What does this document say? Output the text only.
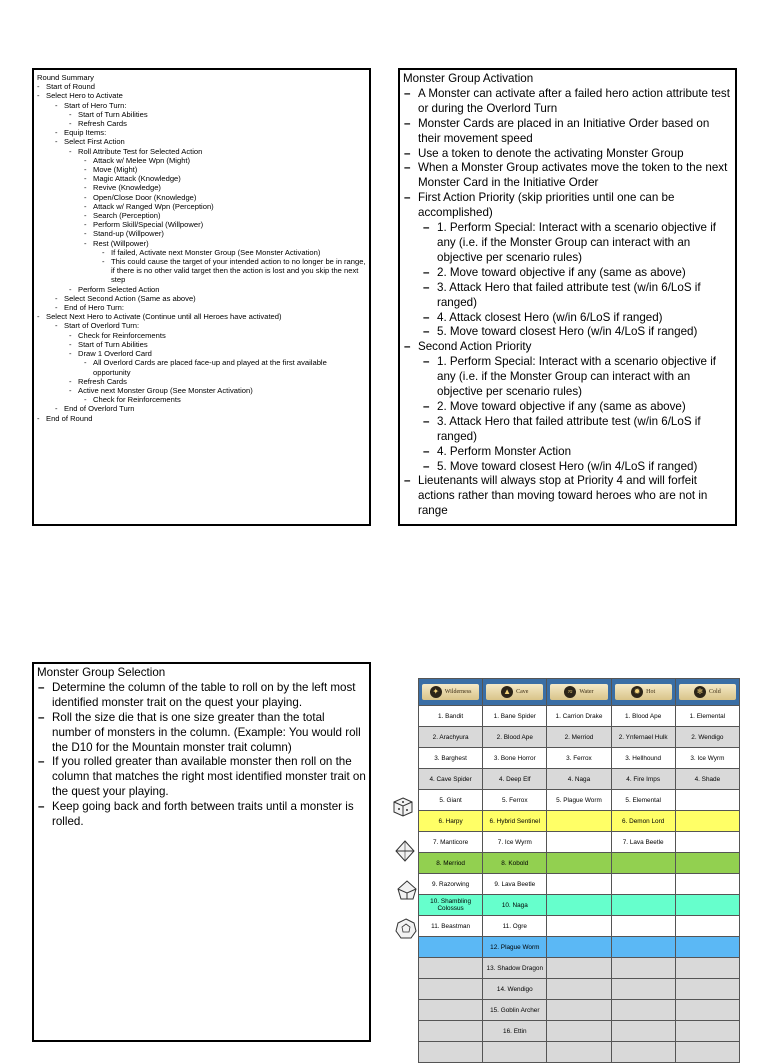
Round Summary
- Start of Round
- Select Hero to Activate
- Start of Hero Turn:
- Start of Turn Abilities
- Refresh Cards
- Equip Items:
- Select First Action
- Roll Attribute Test for Selected Action
- Attack w/ Melee Wpn (Might)
- Move (Might)
- Magic Attack (Knowledge)
- Revive (Knowledge)
- Open/Close Door (Knowledge)
- Attack w/ Ranged Wpn (Perception)
- Search (Perception)
- Perform Skill/Special (Willpower)
- Stand-up (Willpower)
- Rest (Willpower)
- If failed, Activate next Monster Group (See Monster Activation)
- This could cause the target of your intended action to no longer be in range, if there is no other valid target then the action is lost and you skip the next step
- Perform Selected Action
- Select Second Action (Same as above)
- End of Hero Turn:
- Select Next Hero to Activate (Continue until all Heroes have activated)
- Start of Overlord Turn:
- Check for Reinforcements
- Start of Turn Abilities
- Draw 1 Overlord Card
- All Overlord Cards are placed face-up and played at the first available opportunity
- Refresh Cards
- Active next Monster Group (See Monster Activation)
- Check for Reinforcements
- End of Overlord Turn
- End of Round
Monster Group Activation
– A Monster can activate after a failed hero action attribute test or during the Overlord Turn
– Monster Cards are placed in an Initiative Order based on their movement speed
– Use a token to denote the activating Monster Group
– When a Monster Group activates move the token to the next Monster Card in the Initiative Order
– First Action Priority (skip priorities until one can be accomplished)
– 1. Perform Special: Interact with a scenario objective if any (i.e. if the Monster Group can interact with an objective per scenario rules)
– 2. Move toward objective if any (same as above)
– 3. Attack Hero that failed attribute test (w/in 6/LoS if ranged)
– 4. Attack closest Hero (w/in 6/LoS if ranged)
– 5. Move toward closest Hero (w/in 4/LoS if ranged)
– Second Action Priority
– 1. Perform Special: Interact with a scenario objective if any (i.e. if the Monster Group can interact with an objective per scenario rules)
– 2. Move toward objective if any (same as above)
– 3. Attack Hero that failed attribute test (w/in 6/LoS if ranged)
– 4. Perform Monster Action
– 5. Move toward closest Hero (w/in 4/LoS if ranged)
– Lieutenants will always stop at Priority 4 and will forfeit actions rather than moving toward heroes who are not in range
Monster Group Selection
– Determine the column of the table to roll on by the left most identified monster trait on the quest your playing.
– Roll the size die that is one size greater than the total number of monsters in the column. (Example: You would roll the D10 for the Mountain monster trait column)
– If you rolled greater than available monster then roll on the column that matches the right most identified monster trait on the quest your playing.
– Keep going back and forth between traits until a monster is rolled.
✦ Wilderness	▲ Cave	≈ Water	✹ Hot	❄ Cold

1. Bandit	1. Bane Spider	1. Carrion Drake	1. Blood Ape	1. Elemental
2. Arachyura	2. Blood Ape	2. Merriod	2. Ynfernael Hulk	2. Wendigo
3. Barghest	3. Bone Horror	3. Ferrox	3. Hellhound	3. Ice Wyrm
4. Cave Spider	4. Deep Elf	4. Naga	4. Fire Imps	4. Shade
5. Giant	5. Ferrox	5. Plague Worm	5. Elemental	
6. Harpy	6. Hybrid Sentinel		6. Demon Lord	
7. Manticore	7. Ice Wyrm		7. Lava Beetle	
8. Merriod	8. Kobold			
9. Razorwing	9. Lava Beetle			
10. Shambling Colossus	10. Naga			
11. Beastman	11. Ogre			
	12. Plague Worm			
	13. Shadow Dragon			
	14. Wendigo			
	15. Goblin Archer			
	16. Ettin			
